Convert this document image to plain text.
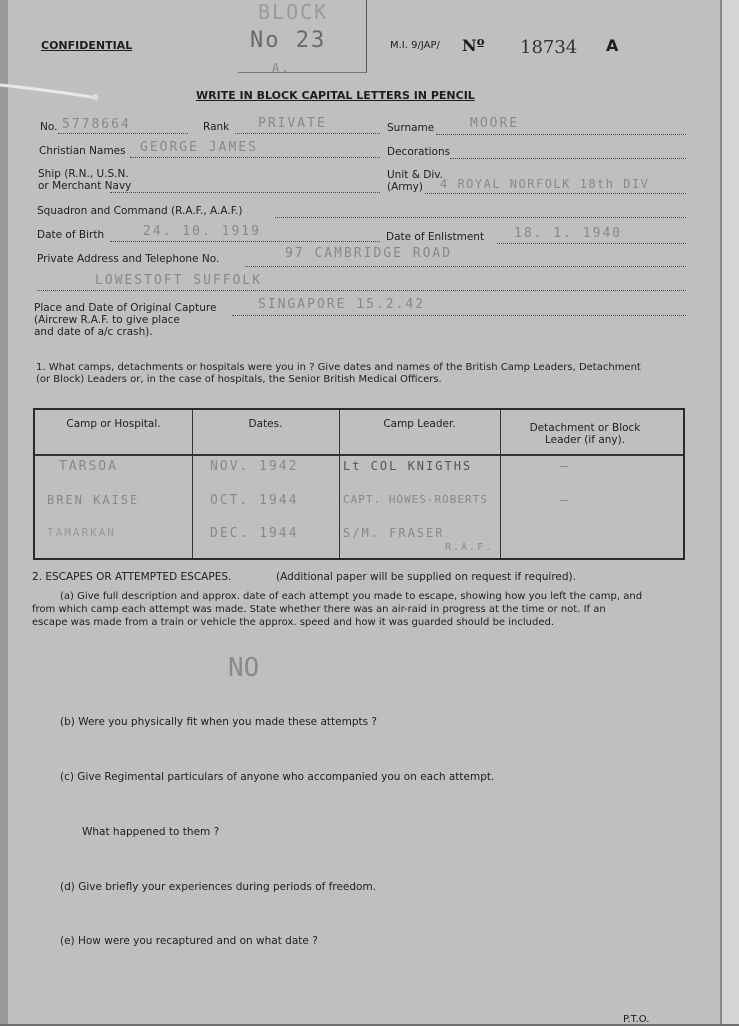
BLOCK
No 23
A.
CONFIDENTIAL	M.I. 9/JAP/ Nº 18734 A
WRITE IN BLOCK CAPITAL LETTERS IN PENCIL
No. 5778664	Rank PRIVATE	Surname	MOORE
Christian Names GEORGE JAMES	Decorations
Ship (R.N., U.S.N.
or Merchant Navy
Unit & Div.
(Army) 4 ROYAL NORFOLK 18th DIV
Squadron and Command (R.A.F., A.A.F.)
Date of Birth	24. 10. 1919	Date of Enlistment 18. 1. 1940
Private Address and Telephone No.	97 CAMBRIDGE ROAD
LOWESTOFT SUFFOLK
Place and Date of Original Capture
(Aircrew R.A.F. to give place
and date of a/c crash).
SINGAPORE 15.2.42
1. What camps, detachments or hospitals were you in ? Give dates and names of the British Camp Leaders, Detachment
(or Block) Leaders or, in the case of hospitals, the Senior British Medical Officers.
Camp or Hospital.	Dates.	Camp Leader.	Detachment or Block Leader (if any).
TARSOA	NOV. 1942	Lt COL KNIGTHS	—
BREN KAISE	OCT. 1944	CAPT. HOWES-ROBERTS	—
TAMARKAN	DEC. 1944	S/M. FRASER
R.A.F.
2. ESCAPES OR ATTEMPTED ESCAPES.	(Additional paper will be supplied on request if required).
(a) Give full description and approx. date of each attempt you made to escape, showing how you left the camp, and
from which camp each attempt was made. State whether there was an air-raid in progress at the time or not. If an
escape was made from a train or vehicle the approx. speed and how it was guarded should be included.
NO
(b) Were you physically fit when you made these attempts ?
(c) Give Regimental particulars of anyone who accompanied you on each attempt.
What happened to them ?
(d) Give briefly your experiences during periods of freedom.
(e) How were you recaptured and on what date ?
P.T.O.
